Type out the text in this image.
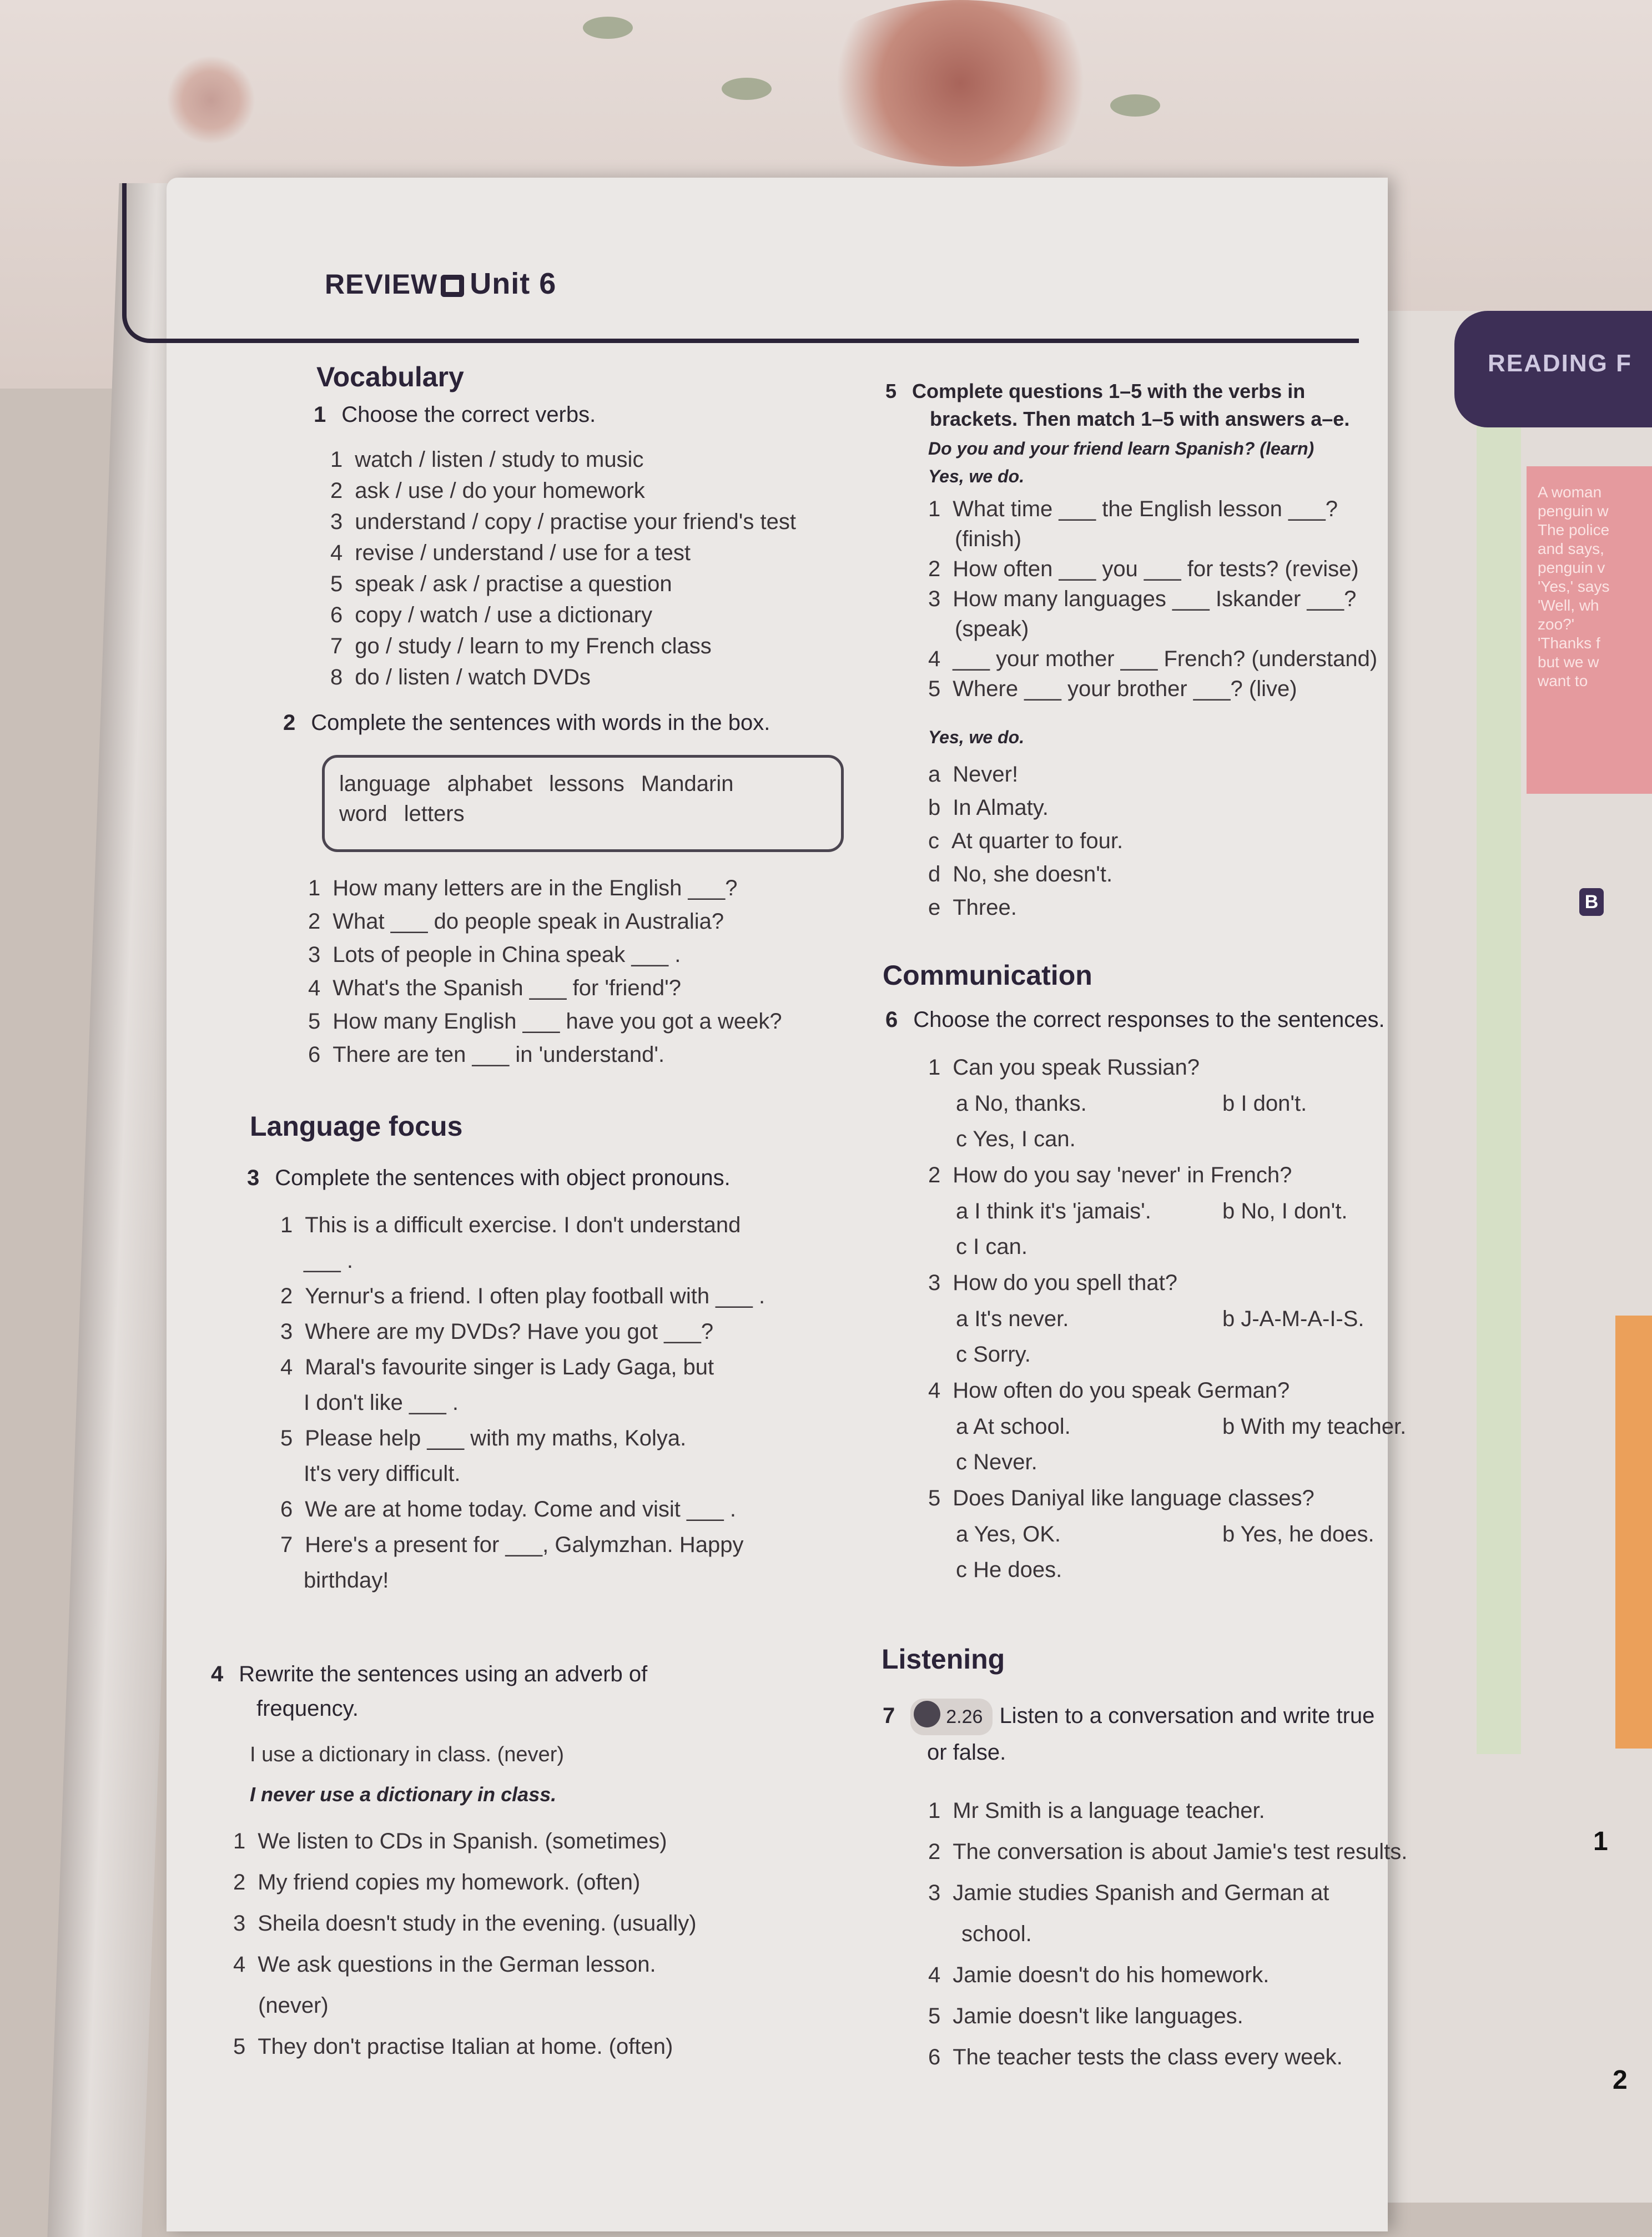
READING F
A woman
penguin w
The police
and says,
penguin v
'Yes,' says
'Well, wh
zoo?'
'Thanks f
but we w
want to
B
1
2
REVIEW Unit 6
Vocabulary
1 Choose the correct verbs.
1 watch / listen / study to music
2 ask / use / do your homework
3 understand / copy / practise your friend's test
4 revise / understand / use for a test
5 speak / ask / practise a question
6 copy / watch / use a dictionary
7 go / study / learn to my French class
8 do / listen / watch DVDs
2 Complete the sentences with words in the box.
language alphabet lessons Mandarin
word letters
1 How many letters are in the English ___?
2 What ___ do people speak in Australia?
3 Lots of people in China speak ___ .
4 What's the Spanish ___ for 'friend'?
5 How many English ___ have you got a week?
6 There are ten ___ in 'understand'.
Language focus
3 Complete the sentences with object pronouns.
1 This is a difficult exercise. I don't understand
___ .
2 Yernur's a friend. I often play football with ___ .
3 Where are my DVDs? Have you got ___?
4 Maral's favourite singer is Lady Gaga, but
I don't like ___ .
5 Please help ___ with my maths, Kolya.
It's very difficult.
6 We are at home today. Come and visit ___ .
7 Here's a present for ___, Galymzhan. Happy
birthday!
4 Rewrite the sentences using an adverb of
frequency.
I use a dictionary in class. (never)
I never use a dictionary in class.
1 We listen to CDs in Spanish. (sometimes)
2 My friend copies my homework. (often)
3 Sheila doesn't study in the evening. (usually)
4 We ask questions in the German lesson.
(never)
5 They don't practise Italian at home. (often)
5 Complete questions 1–5 with the verbs in
brackets. Then match 1–5 with answers a–e.
Do you and your friend learn Spanish? (learn)
Yes, we do.
1 What time ___ the English lesson ___?
(finish)
2 How often ___ you ___ for tests? (revise)
3 How many languages ___ Iskander ___?
(speak)
4 ___ your mother ___ French? (understand)
5 Where ___ your brother ___? (live)
Yes, we do.
a Never!
b In Almaty.
c At quarter to four.
d No, she doesn't.
e Three.
Communication
6 Choose the correct responses to the sentences.
1 Can you speak Russian?
a No, thanks.	b I don't.
c Yes, I can.
2 How do you say 'never' in French?
a I think it's 'jamais'.	b No, I don't.
c I can.
3 How do you spell that?
a It's never.	b J-A-M-A-I-S.
c Sorry.
4 How often do you speak German?
a At school.	b With my teacher.
c Never.
5 Does Daniyal like language classes?
a Yes, OK.	b Yes, he does.
c He does.
Listening
7	2.26 Listen to a conversation and write true
or false.
1 Mr Smith is a language teacher.
2 The conversation is about Jamie's test results.
3 Jamie studies Spanish and German at
school.
4 Jamie doesn't do his homework.
5 Jamie doesn't like languages.
6 The teacher tests the class every week.
